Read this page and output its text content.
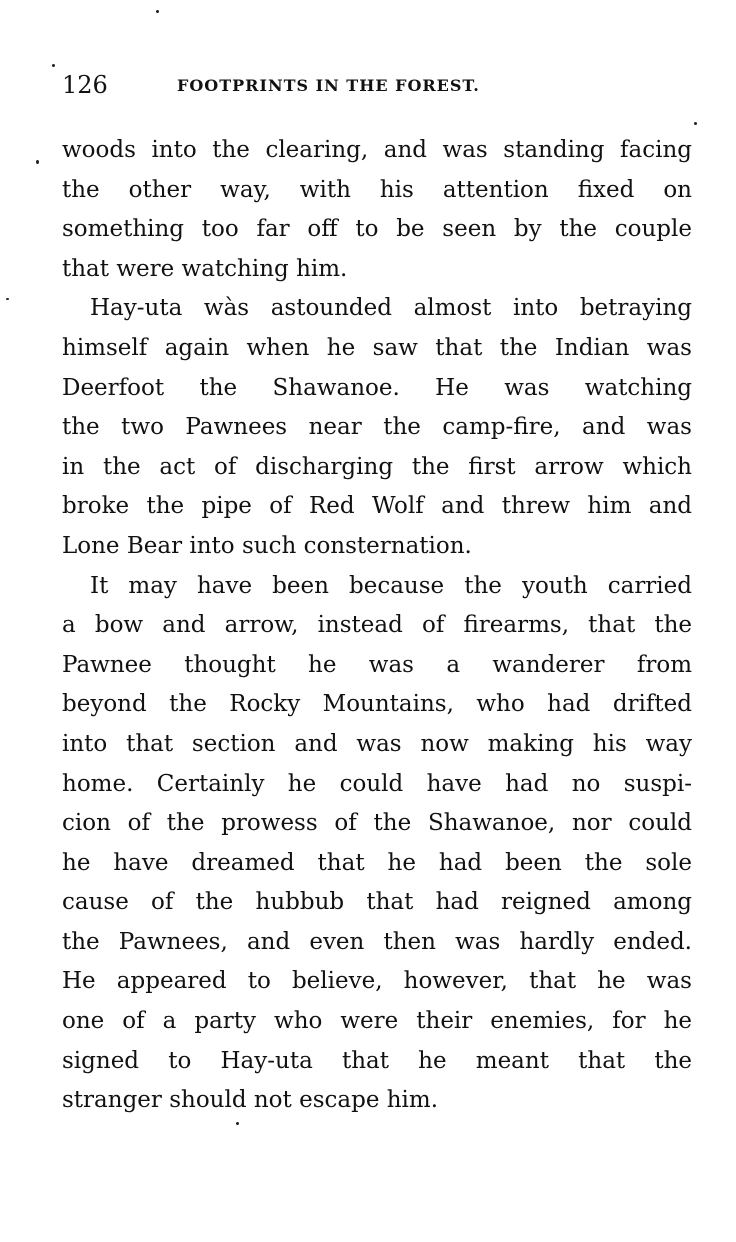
126	FOOTPRINTS IN THE FOREST.
woods into the clearing, and was standing facing
the other way, with his attention fixed on
something too far off to be seen by the couple
that were watching him.
Hay-uta wàs astounded almost into betraying
himself again when he saw that the Indian was
Deerfoot the Shawanoe. He was watching
the two Pawnees near the camp-fire, and was
in the act of discharging the first arrow which
broke the pipe of Red Wolf and threw him and
Lone Bear into such consternation.
It may have been because the youth carried
a bow and arrow, instead of firearms, that the
Pawnee thought he was a wanderer from
beyond the Rocky Mountains, who had drifted
into that section and was now making his way
home. Certainly he could have had no suspi-
cion of the prowess of the Shawanoe, nor could
he have dreamed that he had been the sole
cause of the hubbub that had reigned among
the Pawnees, and even then was hardly ended.
He appeared to believe, however, that he was
one of a party who were their enemies, for he
signed to Hay-uta that he meant that the
stranger should not escape him.
